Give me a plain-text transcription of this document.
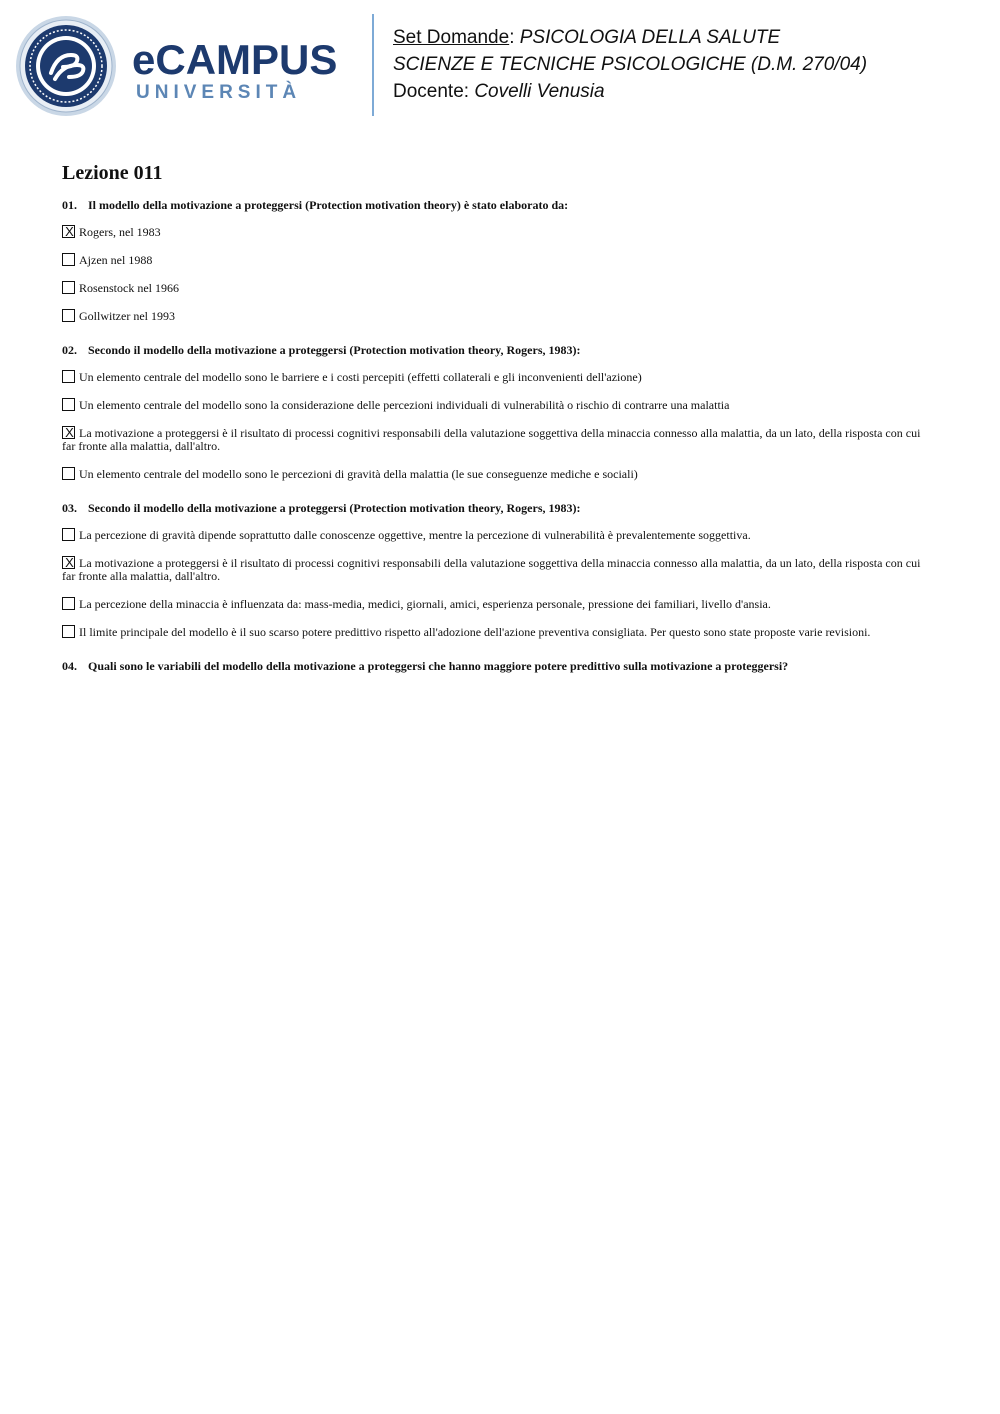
eCAMPUS
UNIVERSITÀ
Set Domande: PSICOLOGIA DELLA SALUTE
SCIENZE E TECNICHE PSICOLOGICHE (D.M. 270/04)
Docente: Covelli Venusia
Lezione 011
01. Il modello della motivazione a proteggersi (Protection motivation theory) è stato elaborato da:
XRogers, nel 1983
Ajzen nel 1988
Rosenstock nel 1966
Gollwitzer nel 1993
02. Secondo il modello della motivazione a proteggersi (Protection motivation theory, Rogers, 1983):
Un elemento centrale del modello sono le barriere e i costi percepiti (effetti collaterali e gli inconvenienti dell'azione)
Un elemento centrale del modello sono la considerazione delle percezioni individuali di vulnerabilità o rischio di contrarre una malattia
XLa motivazione a proteggersi è il risultato di processi cognitivi responsabili della valutazione soggettiva della minaccia connesso alla malattia, da un lato, della risposta con cui far fronte alla malattia, dall'altro.
Un elemento centrale del modello sono le percezioni di gravità della malattia (le sue conseguenze mediche e sociali)
03. Secondo il modello della motivazione a proteggersi (Protection motivation theory, Rogers, 1983):
La percezione di gravità dipende soprattutto dalle conoscenze oggettive, mentre la percezione di vulnerabilità è prevalentemente soggettiva.
XLa motivazione a proteggersi è il risultato di processi cognitivi responsabili della valutazione soggettiva della minaccia connesso alla malattia, da un lato, della risposta con cui far fronte alla malattia, dall'altro.
La percezione della minaccia è influenzata da: mass-media, medici, giornali, amici, esperienza personale, pressione dei familiari, livello d'ansia.
Il limite principale del modello è il suo scarso potere predittivo rispetto all'adozione dell'azione preventiva consigliata. Per questo sono state proposte varie revisioni.
04. Quali sono le variabili del modello della motivazione a proteggersi che hanno maggiore potere predittivo sulla motivazione a proteggersi?
